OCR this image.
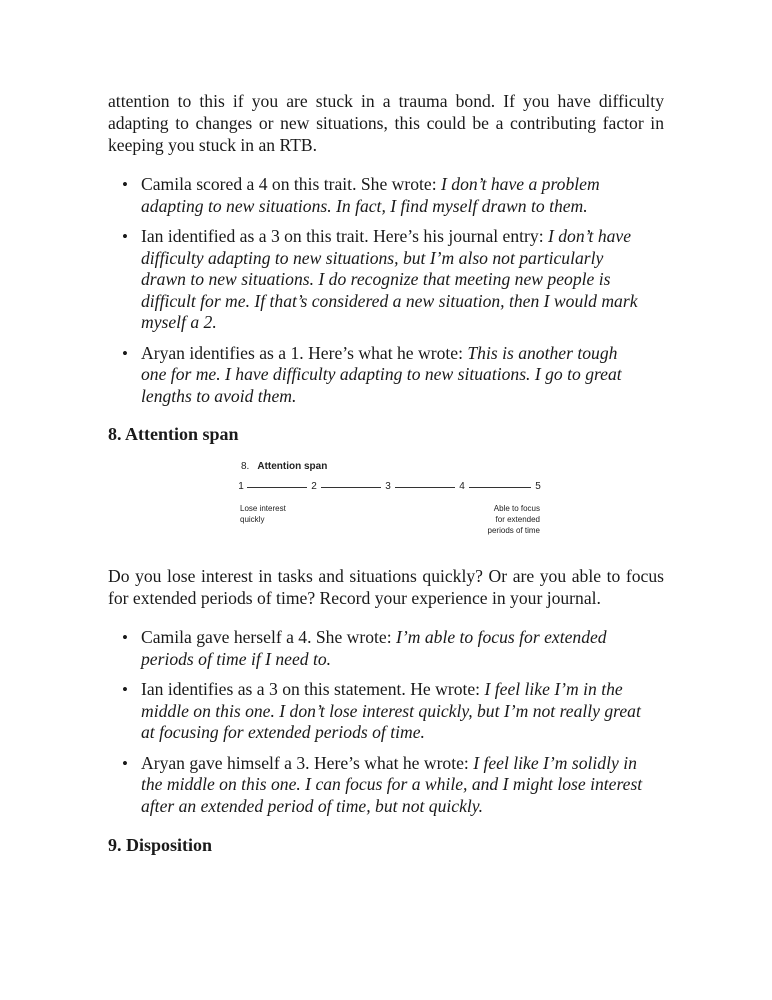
attention to this if you are stuck in a trauma bond. If you have difficulty adapting to changes or new situations, this could be a contributing factor in keeping you stuck in an RTB.

• Camila scored a 4 on this trait. She wrote: I don’t have a problem adapting to new situations. In fact, I find myself drawn to them.
• Ian identified as a 3 on this trait. Here’s his journal entry: I don’t have difficulty adapting to new situations, but I’m also not particularly drawn to new situations. I do recognize that meeting new people is difficult for me. If that’s considered a new situation, then I would mark myself a 2.
• Aryan identifies as a 1. Here’s what he wrote: This is another tough one for me. I have difficulty adapting to new situations. I go to great lengths to avoid them.
8. Attention span
8. Attention span
1	2	3	4	5
Lose interest
quickly
Able to focus
for extended
periods of time

Do you lose interest in tasks and situations quickly? Or are you able to focus for extended periods of time? Record your experience in your journal.

• Camila gave herself a 4. She wrote: I’m able to focus for extended periods of time if I need to.
• Ian identifies as a 3 on this statement. He wrote: I feel like I’m in the middle on this one. I don’t lose interest quickly, but I’m not really great at focusing for extended periods of time.
• Aryan gave himself a 3. Here’s what he wrote: I feel like I’m solidly in the middle on this one. I can focus for a while, and I might lose interest after an extended period of time, but not quickly.
9. Disposition
